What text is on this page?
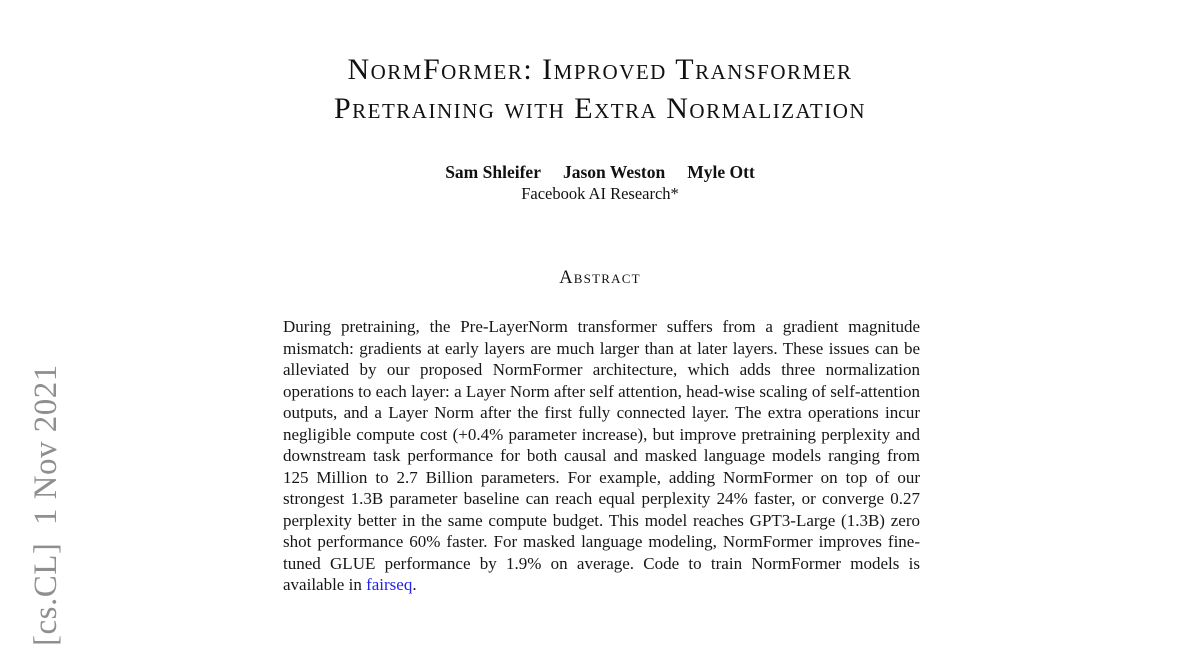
[cs.CL]  1 Nov 2021
NormFormer: Improved Transformer
Pretraining with Extra Normalization
Sam Shleifer Jason Weston Myle Ott
Facebook AI Research*
Abstract
During pretraining, the Pre-LayerNorm transformer suffers from a gradient magnitude mismatch: gradients at early layers are much larger than at later layers. These issues can be alleviated by our proposed NormFormer architecture, which adds three normalization operations to each layer: a Layer Norm after self attention, head-wise scaling of self-attention outputs, and a Layer Norm after the first fully connected layer. The extra operations incur negligible compute cost (+0.4% parameter increase), but improve pretraining perplexity and downstream task performance for both causal and masked language models ranging from 125 Million to 2.7 Billion parameters. For example, adding NormFormer on top of our strongest 1.3B parameter baseline can reach equal perplexity 24% faster, or converge 0.27 perplexity better in the same compute budget. This model reaches GPT3-Large (1.3B) zero shot performance 60% faster. For masked language modeling, NormFormer improves fine-tuned GLUE performance by 1.9% on average. Code to train NormFormer models is available in fairseq.
